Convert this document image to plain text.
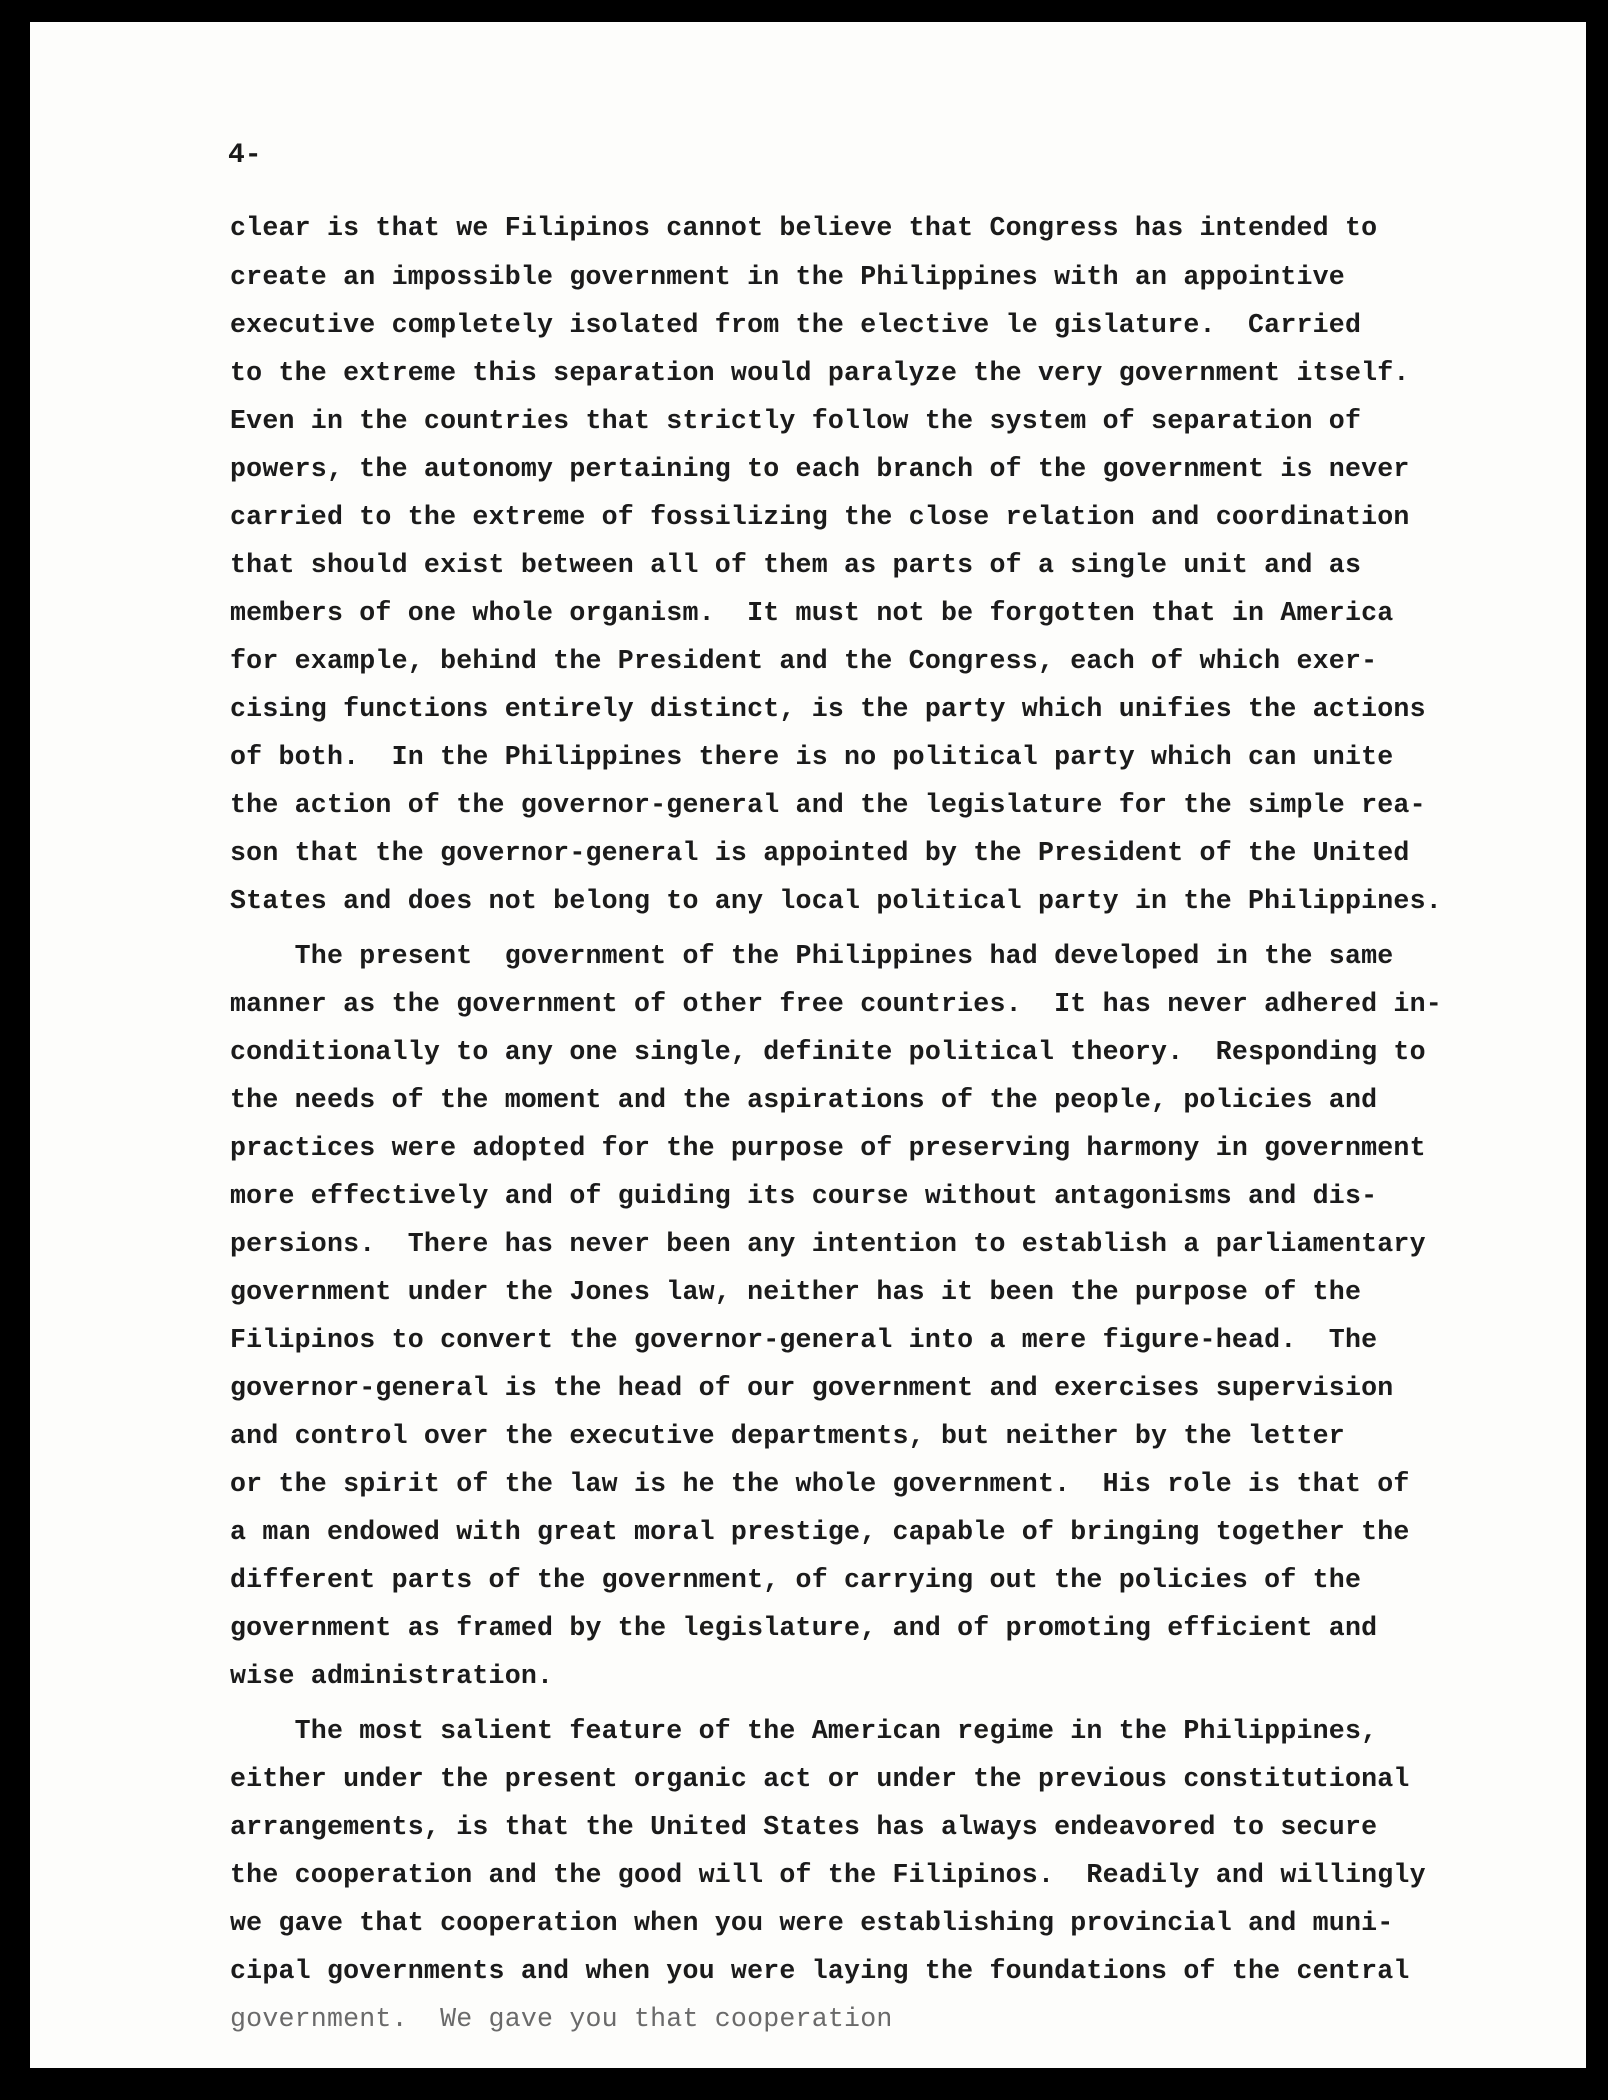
4-

clear is that we Filipinos cannot believe that Congress has intended to
create an impossible government in the Philippines with an appointive
executive completely isolated from the elective le gislature.  Carried
to the extreme this separation would paralyze the very government itself.
Even in the countries that strictly follow the system of separation of
powers, the autonomy pertaining to each branch of the government is never
carried to the extreme of fossilizing the close relation and coordination
that should exist between all of them as parts of a single unit and as
members of one whole organism.  It must not be forgotten that in America
for example, behind the President and the Congress, each of which exer-
cising functions entirely distinct, is the party which unifies the actions
of both.  In the Philippines there is no political party which can unite
the action of the governor-general and the legislature for the simple rea-
son that the governor-general is appointed by the President of the United
States and does not belong to any local political party in the Philippines.
The present  government of the Philippines had developed in the same
manner as the government of other free countries.  It has never adhered in-
conditionally to any one single, definite political theory.  Responding to
the needs of the moment and the aspirations of the people, policies and
practices were adopted for the purpose of preserving harmony in government
more effectively and of guiding its course without antagonisms and dis-
persions.  There has never been any intention to establish a parliamentary
government under the Jones law, neither has it been the purpose of the
Filipinos to convert the governor-general into a mere figure-head.  The
governor-general is the head of our government and exercises supervision
and control over the executive departments, but neither by the letter
or the spirit of the law is he the whole government.  His role is that of
a man endowed with great moral prestige, capable of bringing together the
different parts of the government, of carrying out the policies of the
government as framed by the legislature, and of promoting efficient and
wise administration.
The most salient feature of the American regime in the Philippines,
either under the present organic act or under the previous constitutional
arrangements, is that the United States has always endeavored to secure
the cooperation and the good will of the Filipinos.  Readily and willingly
we gave that cooperation when you were establishing provincial and muni-
cipal governments and when you were laying the foundations of the central
government.  We gave you that cooperation
